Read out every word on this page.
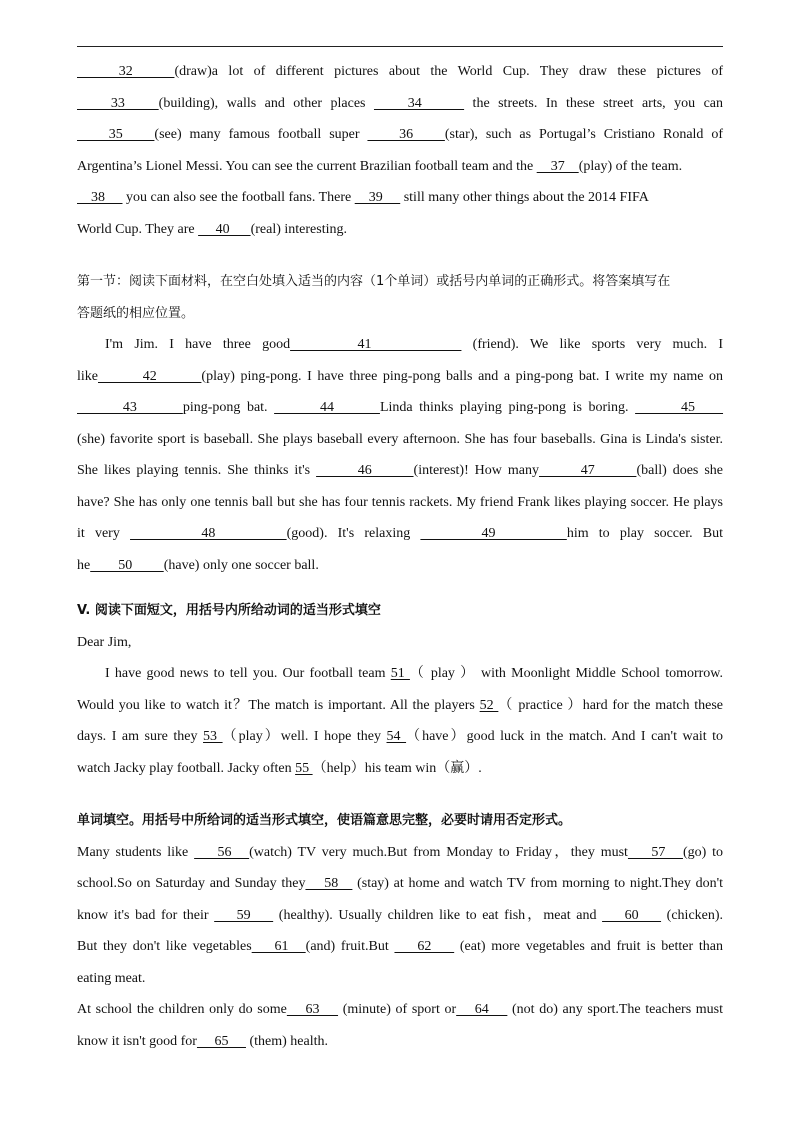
32    (draw)a lot of different pictures about the World Cup. They draw these pictures of
33    (building), walls and other places     34      the streets. In these street arts, you can
35    (see) many famous football super     36    (star), such as Portugal’s Cristiano Ronald of
Argentina’s Lionel Messi. You can see the current Brazilian football team and the     37    (play) of the team.
38      you can also see the football fans. There     39      still many other things about the 2014 FIFA
World Cup. They are      40      (real) interesting.
第一节：阅读下面材料，在空白处填入适当的内容（1个单词）或括号内单词的正确形式。将答案填写在
答题纸的相应位置。
I'm Jim. I have three good      41         (friend). We like sports very much. I
like        42        (play) ping-pong. I have three ping-pong balls and a ping-pong bat. I write my name on
43       ping-pong bat.        44       Linda thinks playing ping-pong is boring.        45
(she) favorite sport is baseball. She plays baseball every afternoon. She has four baseballs. Gina is Linda's sister.
She likes playing tennis. She thinks it's        46       (interest)! How many       47       (ball) does she
have? She has only one tennis ball but she has four tennis rackets. My friend Frank likes playing soccer. He plays
it very        48       (good). It's relaxing       49       him to play soccer. But
he        50         (have) only one soccer ball.
V. 阅读下面短文，用括号内所给动词的适当形式填空
Dear Jim,
I have good news to tell you. Our football team 51 （ play ） with Moonlight Middle School tomorrow.
Would you like to watch it？The match is important. All the players 52 （ practice ）hard for the match these
days. I am sure they 53 （play）well. I hope they 54 （have）good luck in the match. And I can't wait to
watch Jacky play football. Jacky often 55 （help）his team win（赢）.
单词填空。用括号中所给词的适当形式填空，使语篇意思完整，必要时请用否定形式。
Many students like     56   (watch) TV very much.But from Monday to Friday，they must    57   (go) to
school.So on Saturday and Sunday they    58    (stay) at home and watch TV from morning to night.They don't
know it's bad for their     59     (healthy). Usually children like to eat fish，meat and     60     (chicken).
But they don't like vegetables    61   (and) fruit.But     62     (eat) more vegetables and fruit is better than
eating meat.
At school the children only do some    63     (minute) of sport or    64     (not do) any sport.The teachers must
know it isn't good for     65      (them) health.
